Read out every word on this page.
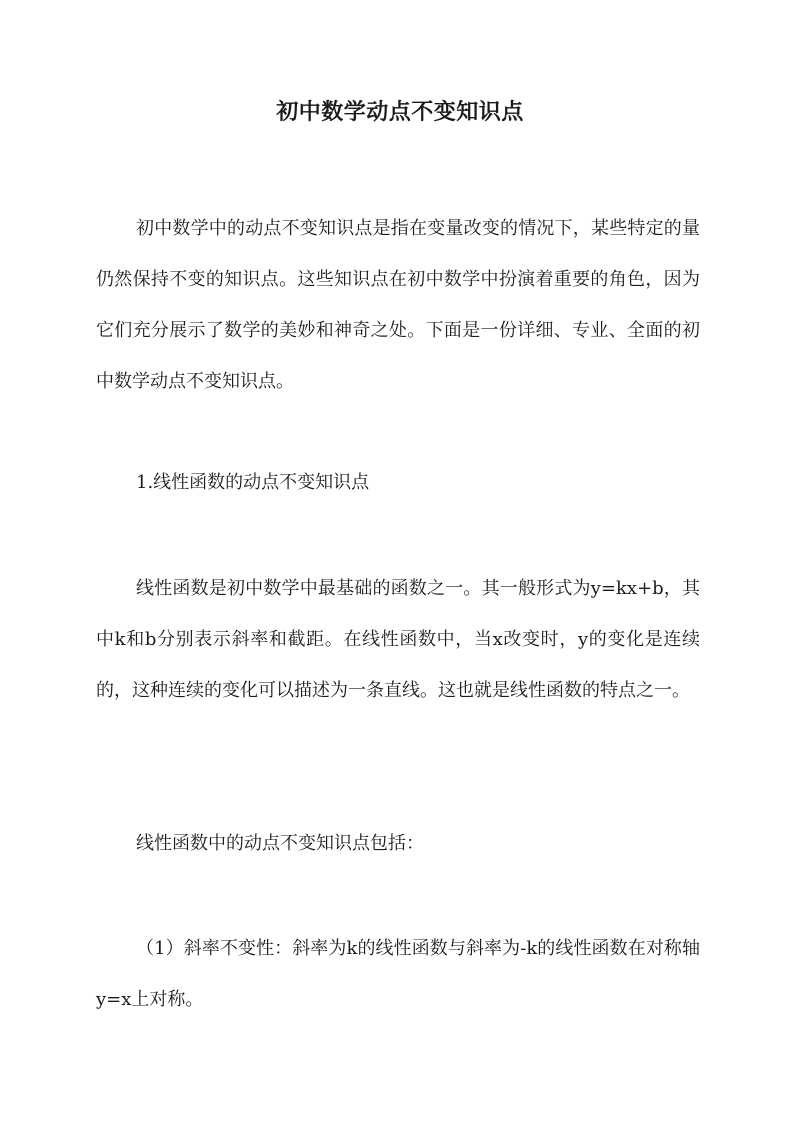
初中数学动点不变知识点

初中数学中的动点不变知识点是指在变量改变的情况下，某些特定的量仍然保持不变的知识点。这些知识点在初中数学中扮演着重要的角色，因为它们充分展示了数学的美妙和神奇之处。下面是一份详细、专业、全面的初中数学动点不变知识点。

1.线性函数的动点不变知识点

线性函数是初中数学中最基础的函数之一。其一般形式为y=kx+b，其中k和b分别表示斜率和截距。在线性函数中，当x改变时，y的变化是连续的，这种连续的变化可以描述为一条直线。这也就是线性函数的特点之一。

线性函数中的动点不变知识点包括：

（1）斜率不变性：斜率为k的线性函数与斜率为-k的线性函数在对称轴y=x上对称。
